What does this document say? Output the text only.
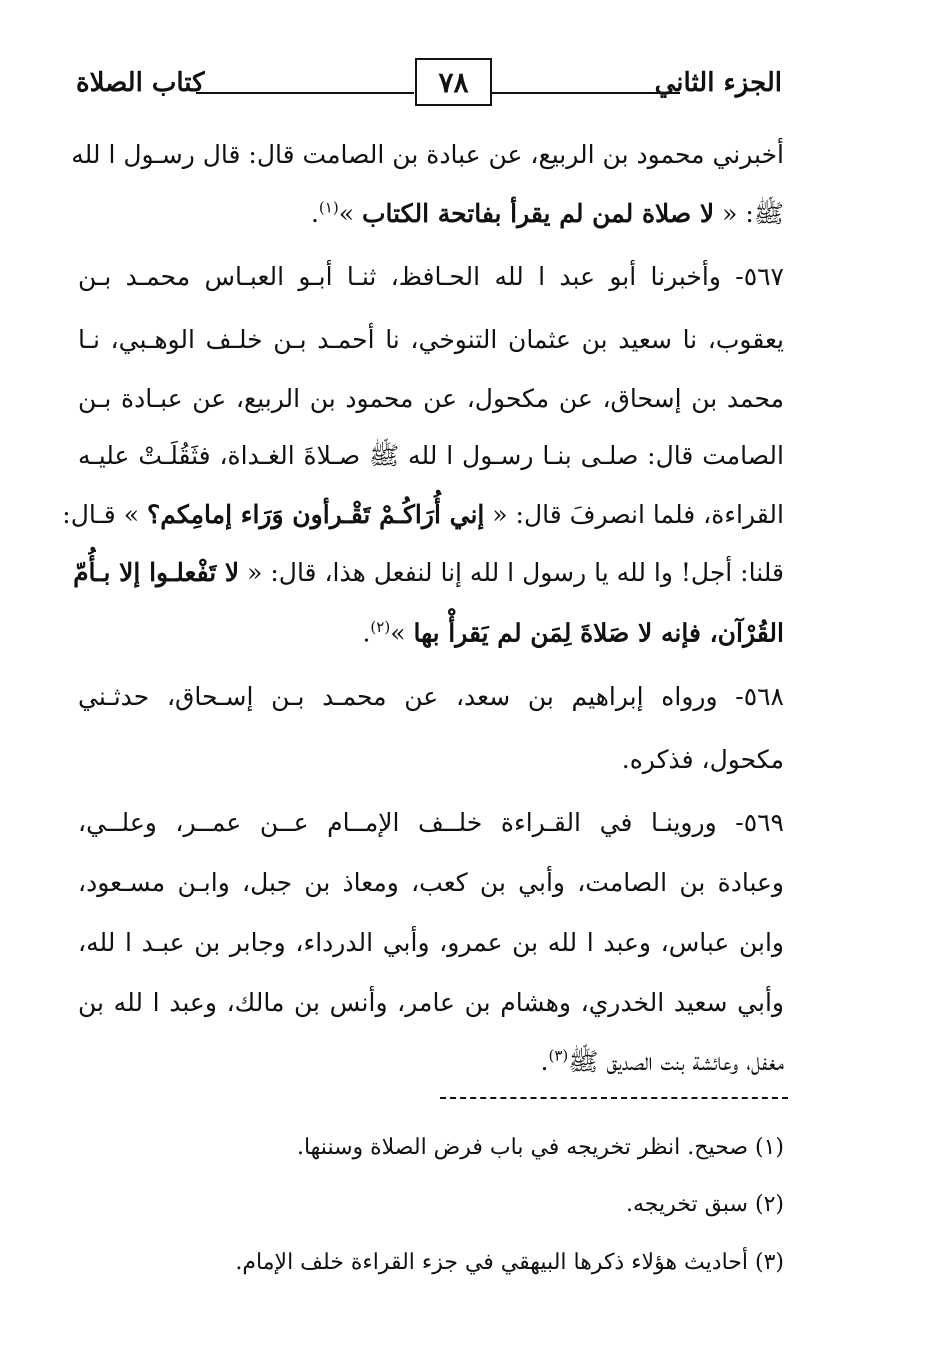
الجزء الثاني
٧٨
كتاب الصلاة
أخبرني محمود بن الربيع، عن عبادة بن الصامت قال: قال رسـول ا لله
ﷺ: « لا صلاة لمن لم يقرأ بفاتحة الكتاب »$^{(١)}$.
٥٦٧- وأخبرنا أبو عبد ا لله الحـافظ، ثنـا أبـو العبـاس محمـد بـن
يعقوب، نا سعيد بن عثمان التنوخي، نا أحمـد بـن خلـف الوهـبي، نـا
محمد بن إسحاق، عن مكحول، عن محمود بن الربيع، عن عبـادة بـن
الصامت قال: صلـى بنـا رسـول ا لله ﷺ صـلاةَ الغـداة، فثَقُلَـتْ عليـه
القراءة، فلما انصرفَ قال: « إني أُرَاكُـمْ تَقْـرأون وَرَاء إمامِكم؟ » قـال:
قلنا: أجل! وا لله يا رسول ا لله إنا لنفعل هذا، قال: « لا تَفْعلـوا إلا بـأُمّ
القُرْآن، فإنه لا صَلاةَ لِمَن لم يَقرأْ بها »$^{(٢)}$.
٥٦٨- ورواه إبراهيم بن سعد، عن محمـد بـن إسـحاق، حدثـني
مكحول، فذكره.
٥٦٩- وروينـا في القـراءة خلــف الإمــام عــن عمــر، وعلــي،
وعبادة بن الصامت، وأبي بن كعب، ومعاذ بن جبل، وابـن مسـعود،
وابن عباس، وعبد ا لله بن عمرو، وأبي الدرداء، وجابر بن عبـد ا لله،
وأبي سعيد الخدري، وهشام بن عامر، وأنس بن مالك، وعبد ا لله بن
مغفل، وعائشة بنت الصديق ﷺ$^{(٣)}$.
(١) صحيح. انظر تخريجه في باب فرض الصلاة وسننها.
(٢) سبق تخريجه.
(٣) أحاديث هؤلاء ذكرها البيهقي في جزء القراءة خلف الإمام.
